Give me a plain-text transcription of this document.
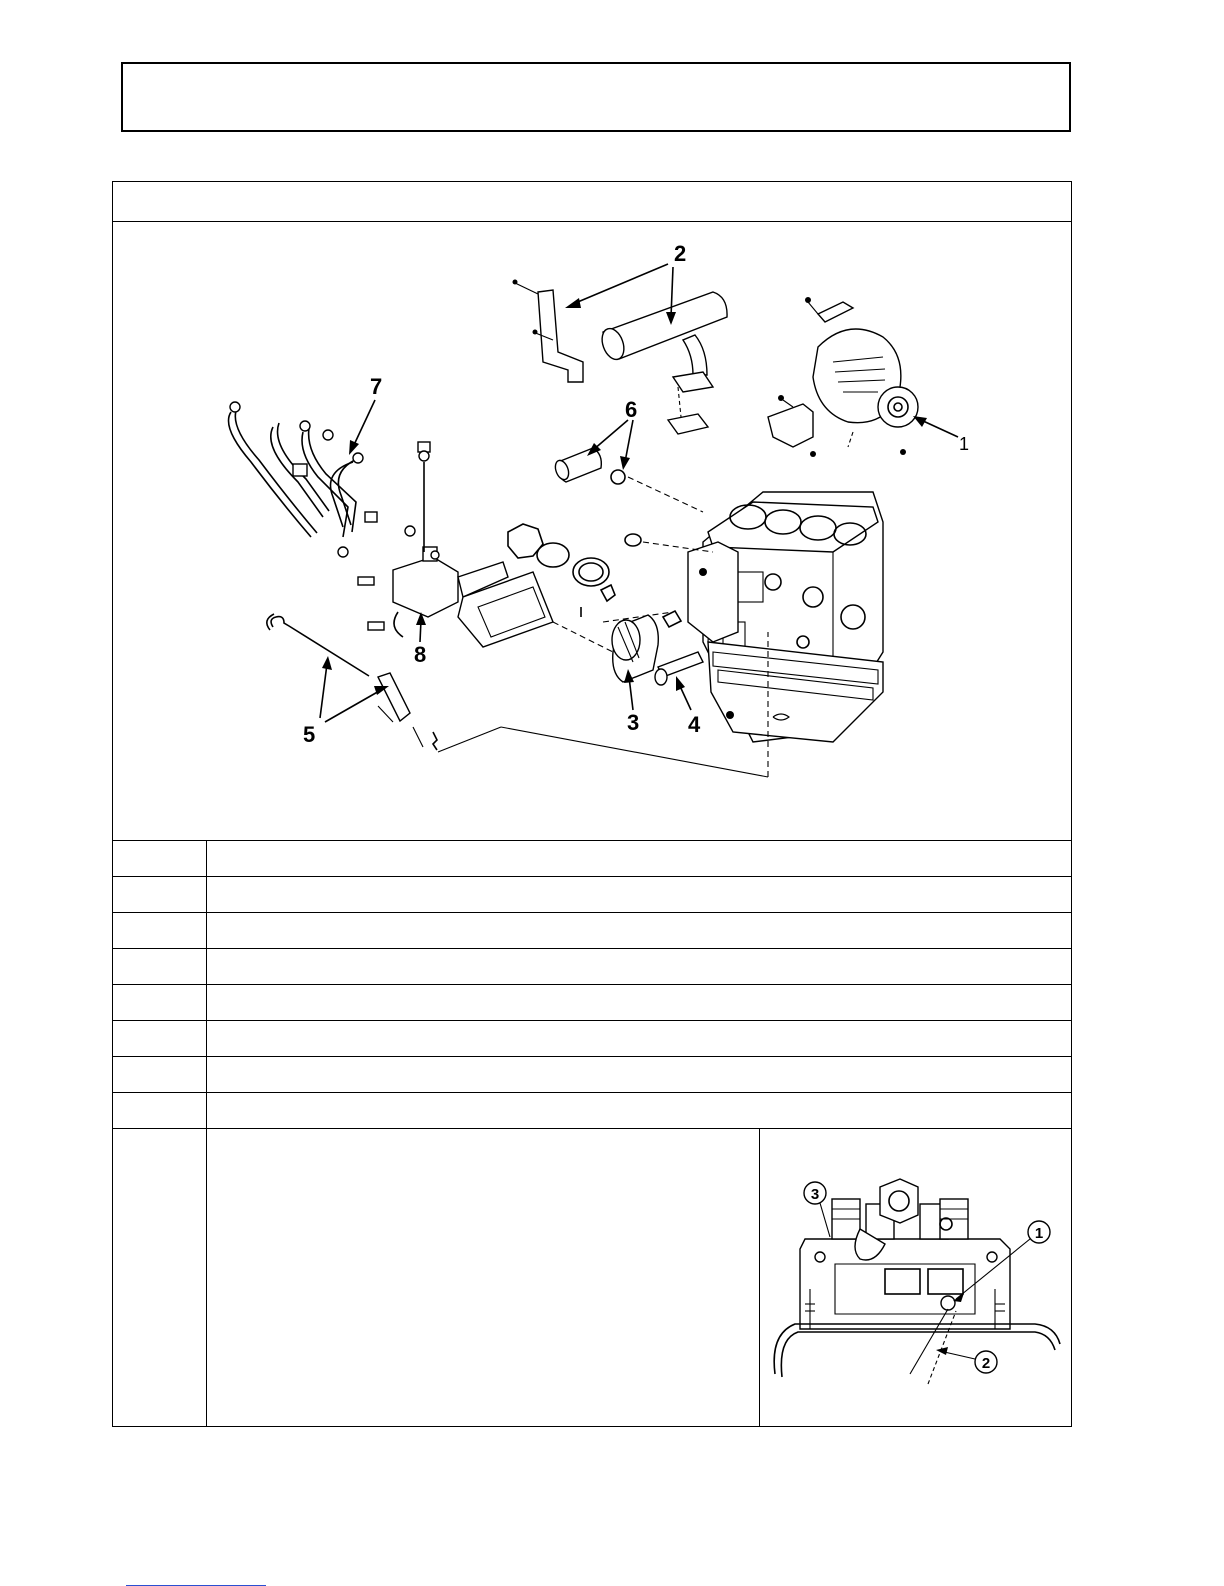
2
1
6
7
8
5	3 4
3
1
2
